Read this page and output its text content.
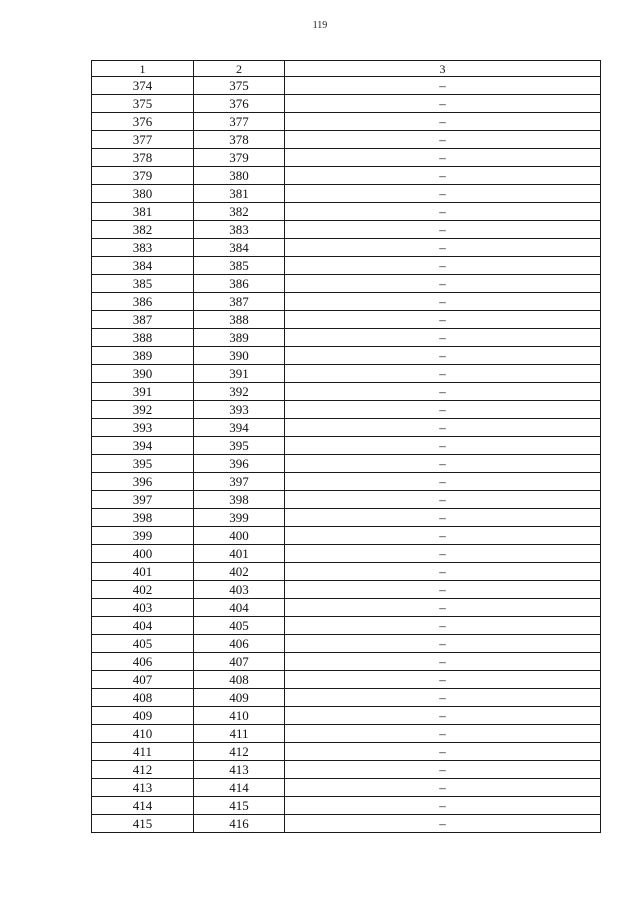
119
1	2	3
374	375	–
375	376	–
376	377	–
377	378	–
378	379	–
379	380	–
380	381	–
381	382	–
382	383	–
383	384	–
384	385	–
385	386	–
386	387	–
387	388	–
388	389	–
389	390	–
390	391	–
391	392	–
392	393	–
393	394	–
394	395	–
395	396	–
396	397	–
397	398	–
398	399	–
399	400	–
400	401	–
401	402	–
402	403	–
403	404	–
404	405	–
405	406	–
406	407	–
407	408	–
408	409	–
409	410	–
410	411	–
411	412	–
412	413	–
413	414	–
414	415	–
415	416	–
